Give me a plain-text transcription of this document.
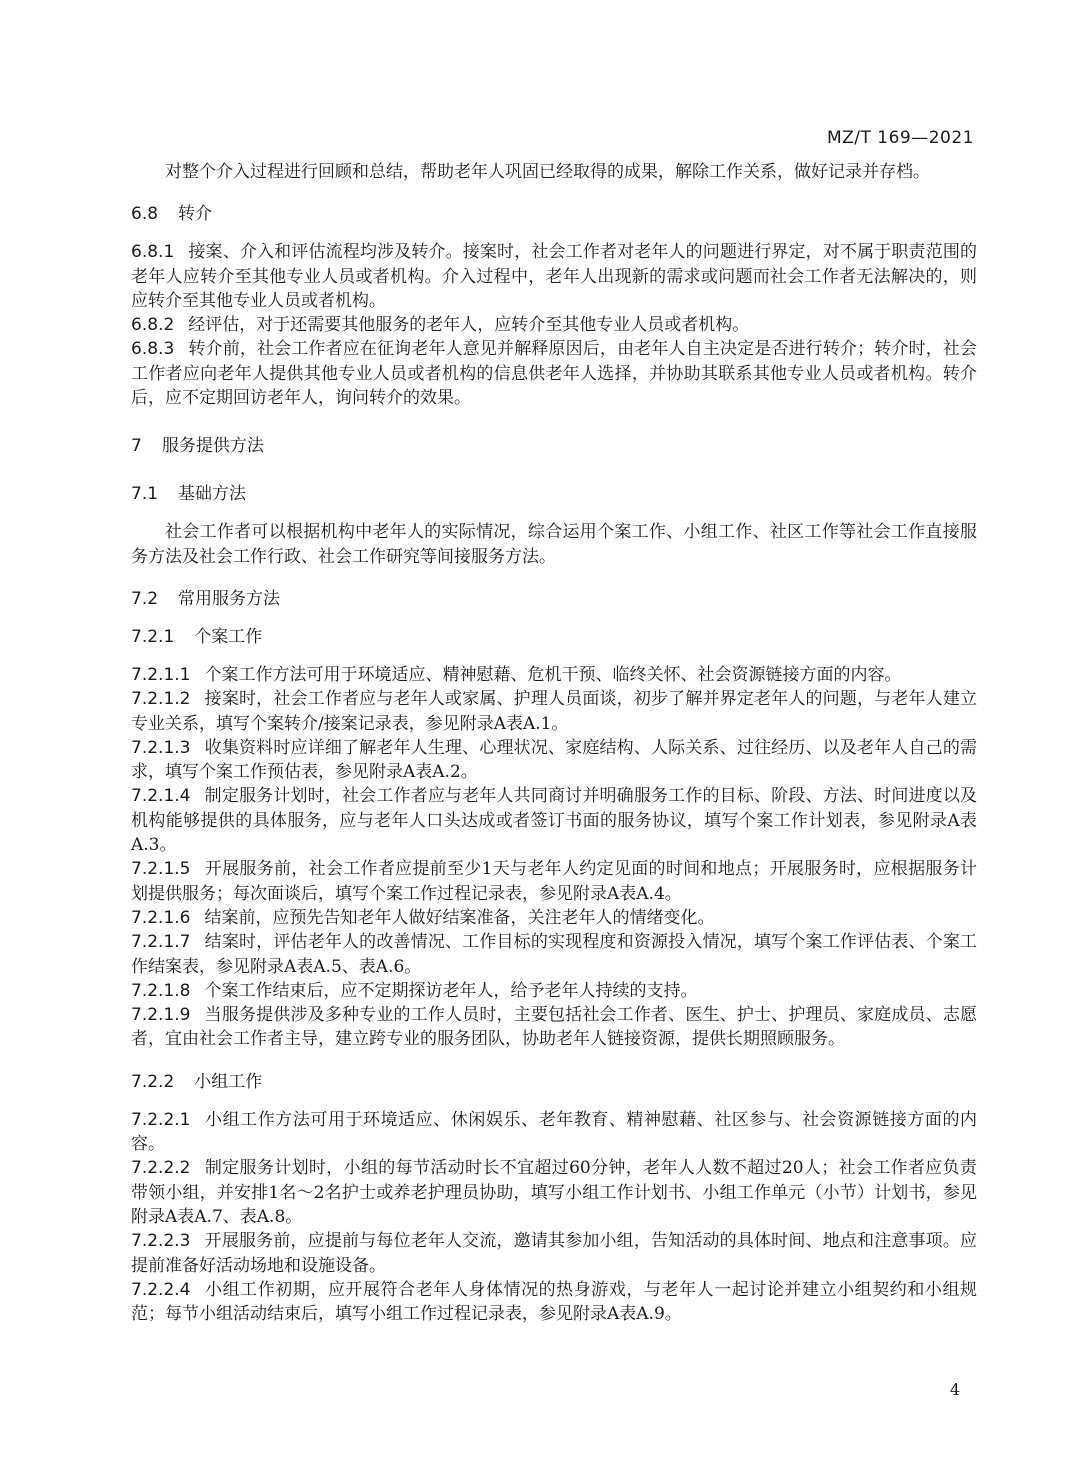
MZ/T 169—2021

对整个介入过程进行回顾和总结，帮助老年人巩固已经取得的成果，解除工作关系，做好记录并存档。

6.8 转介

6.8.1 接案、介入和评估流程均涉及转介。接案时，社会工作者对老年人的问题进行界定，对不属于职责范围的老年人应转介至其他专业人员或者机构。介入过程中，老年人出现新的需求或问题而社会工作者无法解决的，则应转介至其他专业人员或者机构。

6.8.2 经评估，对于还需要其他服务的老年人，应转介至其他专业人员或者机构。

6.8.3 转介前，社会工作者应在征询老年人意见并解释原因后，由老年人自主决定是否进行转介；转介时，社会工作者应向老年人提供其他专业人员或者机构的信息供老年人选择，并协助其联系其他专业人员或者机构。转介后，应不定期回访老年人，询问转介的效果。

7 服务提供方法
7.1 基础方法

社会工作者可以根据机构中老年人的实际情况，综合运用个案工作、小组工作、社区工作等社会工作直接服务方法及社会工作行政、社会工作研究等间接服务方法。

7.2 常用服务方法
7.2.1 个案工作

7.2.1.1 个案工作方法可用于环境适应、精神慰藉、危机干预、临终关怀、社会资源链接方面的内容。

7.2.1.2 接案时，社会工作者应与老年人或家属、护理人员面谈，初步了解并界定老年人的问题，与老年人建立专业关系，填写个案转介/接案记录表，参见附录A表A.1。

7.2.1.3 收集资料时应详细了解老年人生理、心理状况、家庭结构、人际关系、过往经历、以及老年人自己的需求，填写个案工作预估表，参见附录A表A.2。

7.2.1.4 制定服务计划时，社会工作者应与老年人共同商讨并明确服务工作的目标、阶段、方法、时间进度以及机构能够提供的具体服务，应与老年人口头达成或者签订书面的服务协议，填写个案工作计划表，参见附录A表A.3。

7.2.1.5 开展服务前，社会工作者应提前至少1天与老年人约定见面的时间和地点；开展服务时，应根据服务计划提供服务；每次面谈后，填写个案工作过程记录表，参见附录A表A.4。

7.2.1.6 结案前，应预先告知老年人做好结案准备，关注老年人的情绪变化。

7.2.1.7 结案时，评估老年人的改善情况、工作目标的实现程度和资源投入情况，填写个案工作评估表、个案工作结案表，参见附录A表A.5、表A.6。

7.2.1.8 个案工作结束后，应不定期探访老年人，给予老年人持续的支持。

7.2.1.9 当服务提供涉及多种专业的工作人员时，主要包括社会工作者、医生、护士、护理员、家庭成员、志愿者，宜由社会工作者主导，建立跨专业的服务团队，协助老年人链接资源，提供长期照顾服务。

7.2.2 小组工作

7.2.2.1 小组工作方法可用于环境适应、休闲娱乐、老年教育、精神慰藉、社区参与、社会资源链接方面的内容。

7.2.2.2 制定服务计划时，小组的每节活动时长不宜超过60分钟，老年人人数不超过20人；社会工作者应负责带领小组，并安排1名～2名护士或养老护理员协助，填写小组工作计划书、小组工作单元（小节）计划书，参见附录A表A.7、表A.8。

7.2.2.3 开展服务前，应提前与每位老年人交流，邀请其参加小组，告知活动的具体时间、地点和注意事项。应提前准备好活动场地和设施设备。

7.2.2.4 小组工作初期，应开展符合老年人身体情况的热身游戏，与老年人一起讨论并建立小组契约和小组规范；每节小组活动结束后，填写小组工作过程记录表，参见附录A表A.9。

4
